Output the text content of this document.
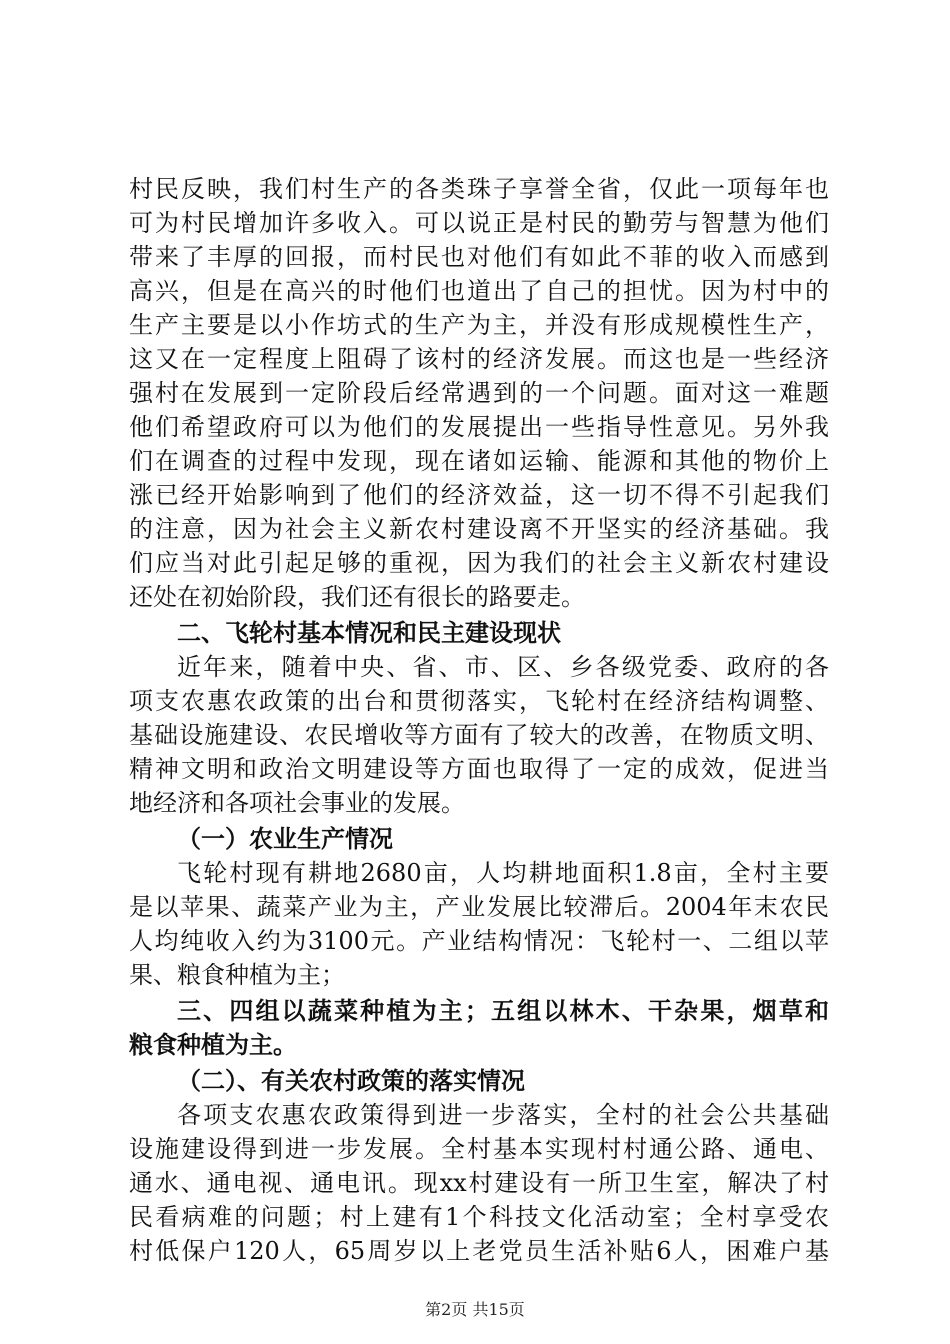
村民反映，我们村生产的各类珠子享誉全省，仅此一项每年也
可为村民增加许多收入。可以说正是村民的勤劳与智慧为他们
带来了丰厚的回报，而村民也对他们有如此不菲的收入而感到
高兴，但是在高兴的时他们也道出了自己的担忧。因为村中的
生产主要是以小作坊式的生产为主，并没有形成规模性生产，
这又在一定程度上阻碍了该村的经济发展。而这也是一些经济
强村在发展到一定阶段后经常遇到的一个问题。面对这一难题
他们希望政府可以为他们的发展提出一些指导性意见。另外我
们在调查的过程中发现，现在诸如运输、能源和其他的物价上
涨已经开始影响到了他们的经济效益，这一切不得不引起我们
的注意，因为社会主义新农村建设离不开坚实的经济基础。我
们应当对此引起足够的重视，因为我们的社会主义新农村建设
还处在初始阶段，我们还有很长的路要走。
二、飞轮村基本情况和民主建设现状
近年来，随着中央、省、市、区、乡各级党委、政府的各
项支农惠农政策的出台和贯彻落实，飞轮村在经济结构调整、
基础设施建设、农民增收等方面有了较大的改善，在物质文明、
精神文明和政治文明建设等方面也取得了一定的成效，促进当
地经济和各项社会事业的发展。
（一）农业生产情况
飞轮村现有耕地2680亩，人均耕地面积1.8亩，全村主要
是以苹果、蔬菜产业为主，产业发展比较滞后。2004年末农民
人均纯收入约为3100元。产业结构情况：飞轮村一、二组以苹
果、粮食种植为主；
三、四组以蔬菜种植为主；五组以林木、干杂果，烟草和
粮食种植为主。
（二）、有关农村政策的落实情况
各项支农惠农政策得到进一步落实，全村的社会公共基础
设施建设得到进一步发展。全村基本实现村村通公路、通电、
通水、通电视、通电讯。现xx村建设有一所卫生室，解决了村
民看病难的问题；村上建有1个科技文化活动室；全村享受农
村低保户120人，65周岁以上老党员生活补贴6人，困难户基
第2页 共15页
